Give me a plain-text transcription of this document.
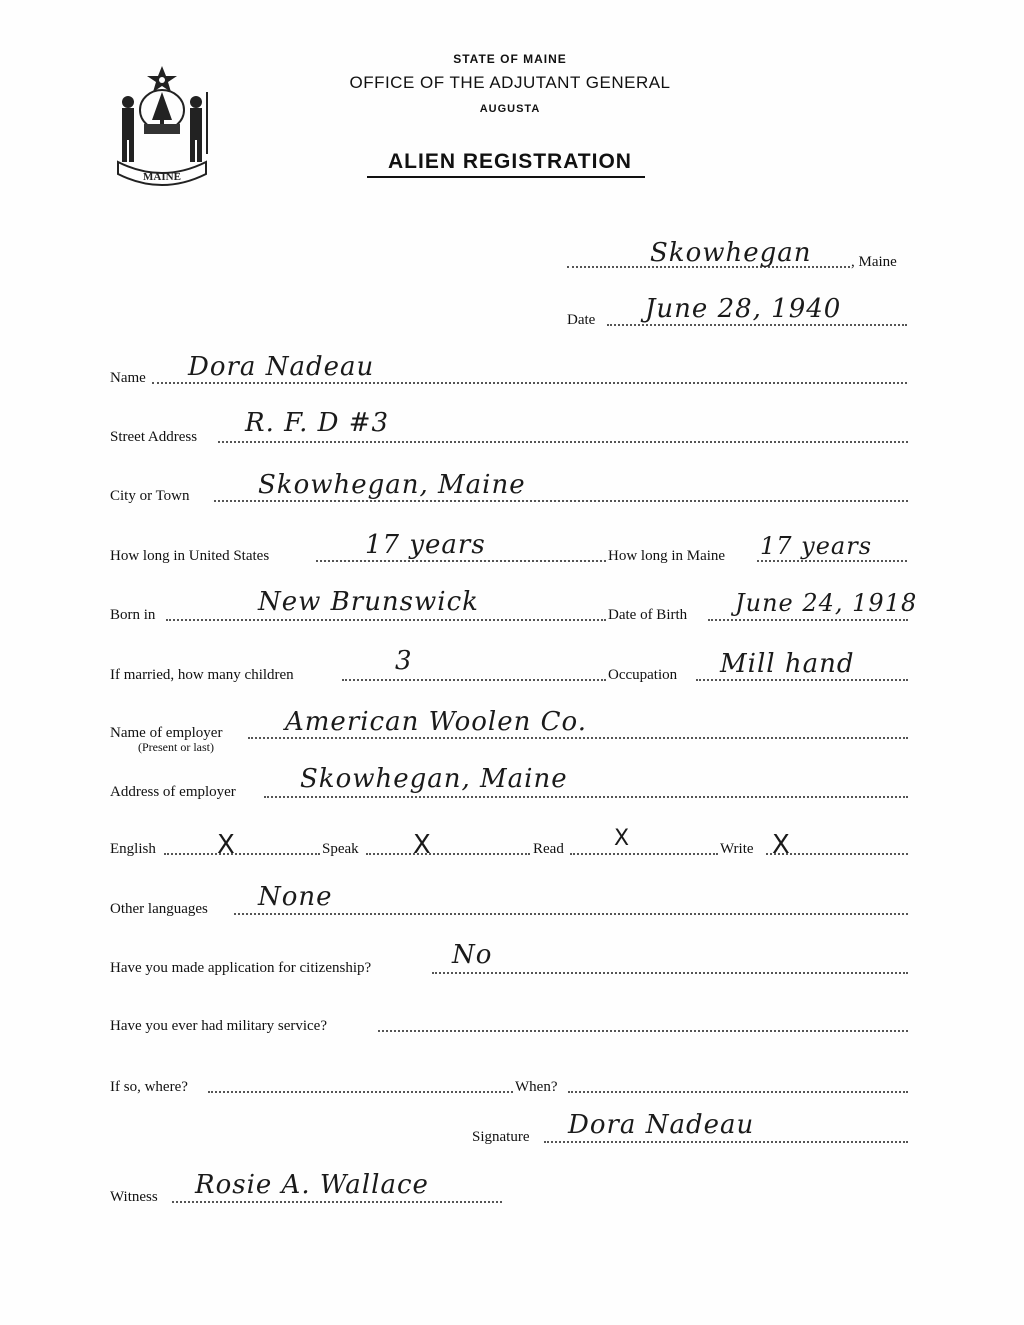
MAINE
STATE OF MAINE
OFFICE OF THE ADJUTANT GENERAL
AUGUSTA
ALIEN REGISTRATION
Skowhegan	, Maine
Date June 28, 1940
Name Dora Nadeau
Street Address R. F. D #3
City or Town	Skowhegan, Maine
How long in United States	17 years	How long in Maine 17 years
Born in	New Brunswick	Date of Birth June 24, 1918
If married, how many children	3	Occupation Mill hand
Name of employer
(Present or last)
American Woolen Co.
Address of employer Skowhegan, Maine
English X	Speak X	Read X	Write X
Other languages None
Have you made application for citizenship?	No
Have you ever had military service?
If so, where?	When?
Signature Dora Nadeau
Witness Rosie A. Wallace
